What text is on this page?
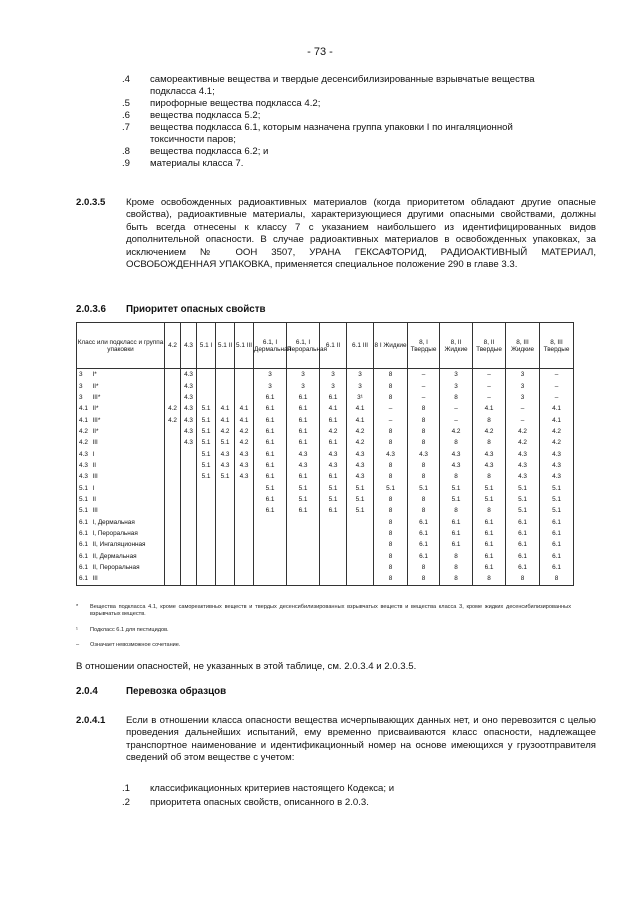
- 73 -
.4 самореактивные вещества и твердые десенсибилизированные взрывчатые вещества
подкласса 4.1;
.5 пирофорные вещества подкласса 4.2;
.6 вещества подкласса 5.2;
.7 вещества подкласса 6.1, которым назначена группа упаковки I по ингаляционной
токсичности паров;
.8 вещества подкласса 6.2; и
.9 материалы класса 7.
2.0.3.5 Кроме освобожденных радиоактивных материалов (когда приоритетом обладают другие опасные свойства), радиоактивные материалы, характеризующиеся другими опасными свойствами, должны быть всегда отнесены к классу 7 с указанием наибольшего из идентифицированных видов дополнительной опасности. В случае радиоактивных материалов в освобожденных упаковках, за исключением № ООН 3507, УРАНА ГЕКСАФТОРИД, РАДИОАКТИВНЫЙ МАТЕРИАЛ, ОСВОБОЖДЕННАЯ УПАКОВКА, применяется специальное положение 290 в главе 3.3.
2.0.3.6 Приоритет опасных свойств
Класс или подкласс и группа упаковки		4.2	4.3	5.1 I	5.1 II	5.1 III	6.1, I Дермальная	6.1, I Пероральная	6.1 II	6.1 III	8 I Жидкие	8, I Твердые	8, II Жидкие	8, II Твердые	8, III Жидкие	8, III Твердые
3	I*		4.3				3	3	3	3	8	–	3	–	3	–
3	II*		4.3				3	3	3	3	8	–	3	–	3	–
3	III*		4.3				6.1	6.1	6.1	3¹	8	–	8	–	3	–
4.1	II*	4.2	4.3	5.1	4.1	4.1	6.1	6.1	4.1	4.1	–	8	–	4.1	–	4.1
4.1	III*	4.2	4.3	5.1	4.1	4.1	6.1	6.1	6.1	4.1	–	8	–	8	–	4.1
4.2	II*		4.3	5.1	4.2	4.2	6.1	6.1	4.2	4.2	8	8	4.2	4.2	4.2	4.2
4.2	III		4.3	5.1	5.1	4.2	6.1	6.1	6.1	4.2	8	8	8	8	4.2	4.2
4.3	I			5.1	4.3	4.3	6.1	4.3	4.3	4.3	4.3	4.3	4.3	4.3	4.3	4.3
4.3	II			5.1	4.3	4.3	6.1	4.3	4.3	4.3	8	8	4.3	4.3	4.3	4.3
4.3	III			5.1	5.1	4.3	6.1	6.1	6.1	4.3	8	8	8	8	4.3	4.3
5.1	I						5.1	5.1	5.1	5.1	5.1	5.1	5.1	5.1	5.1	5.1
5.1	II						6.1	5.1	5.1	5.1	8	8	5.1	5.1	5.1	5.1
5.1	III						6.1	6.1	6.1	5.1	8	8	8	8	5.1	5.1
6.1	I, Дермальная										8	6.1	6.1	6.1	6.1	6.1
6.1	I, Пероральная										8	6.1	6.1	6.1	6.1	6.1
6.1	II, Ингаляционная										8	6.1	6.1	6.1	6.1	6.1
6.1	II, Дермальная										8	6.1	8	6.1	6.1	6.1
6.1	II, Пероральная										8	8	8	6.1	6.1	6.1
6.1	III										8	8	8	8	8	8
* Вещества подкласса 4.1, кроме самореактивных веществ и твердых десенсибилизированных взрывчатых веществ и вещества класса 3, кроме жидких десенсибилизированных взрывчатых веществ.
¹ Подкласс 6.1 для пестицидов.
– Означает невозможное сочетание.
В отношении опасностей, не указанных в этой таблице, см. 2.0.3.4 и 2.0.3.5.
2.0.4	Перевозка образцов
2.0.4.1 Если в отношении класса опасности вещества исчерпывающих данных нет, и оно перевозится с целью проведения дальнейших испытаний, ему временно присваиваются класс опасности, надлежащее транспортное наименование и идентификационный номер на основе имеющихся у грузоотправителя сведений об этом веществе с учетом:
.1 классификационных критериев настоящего Кодекса; и
.2 приоритета опасных свойств, описанного в 2.0.3.
